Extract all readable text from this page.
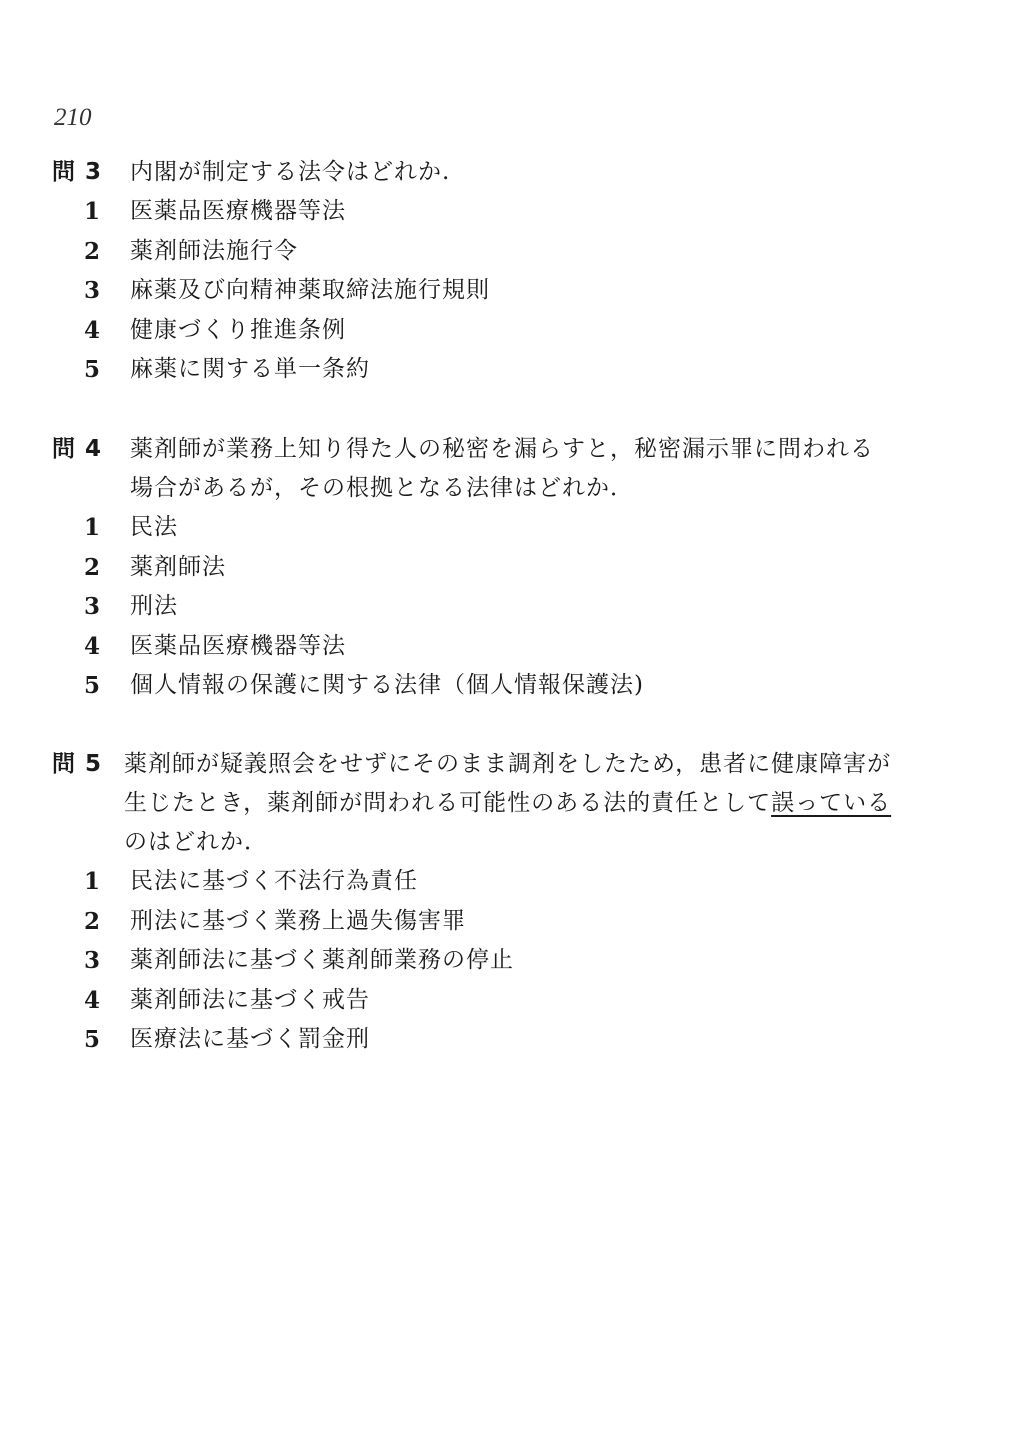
210
問 3	内閣が制定する法令はどれか.
1	医薬品医療機器等法
2	薬剤師法施行令
3	麻薬及び向精神薬取締法施行規則
4	健康づくり推進条例
5	麻薬に関する単一条約
問 4	薬剤師が業務上知り得た人の秘密を漏らすと，秘密漏示罪に問われる場合があるが，その根拠となる法律はどれか．
1	民法
2	薬剤師法
3	刑法
4	医薬品医療機器等法
5	個人情報の保護に関する法律（個人情報保護法)
問 5 薬剤師が疑義照会をせずにそのまま調剤をしたため，患者に健康障害が生じたとき，薬剤師が問われる可能性のある法的責任として誤っているのはどれか．
1	民法に基づく不法行為責任
2	刑法に基づく業務上過失傷害罪
3	薬剤師法に基づく薬剤師業務の停止
4	薬剤師法に基づく戒告
5	医療法に基づく罰金刑
